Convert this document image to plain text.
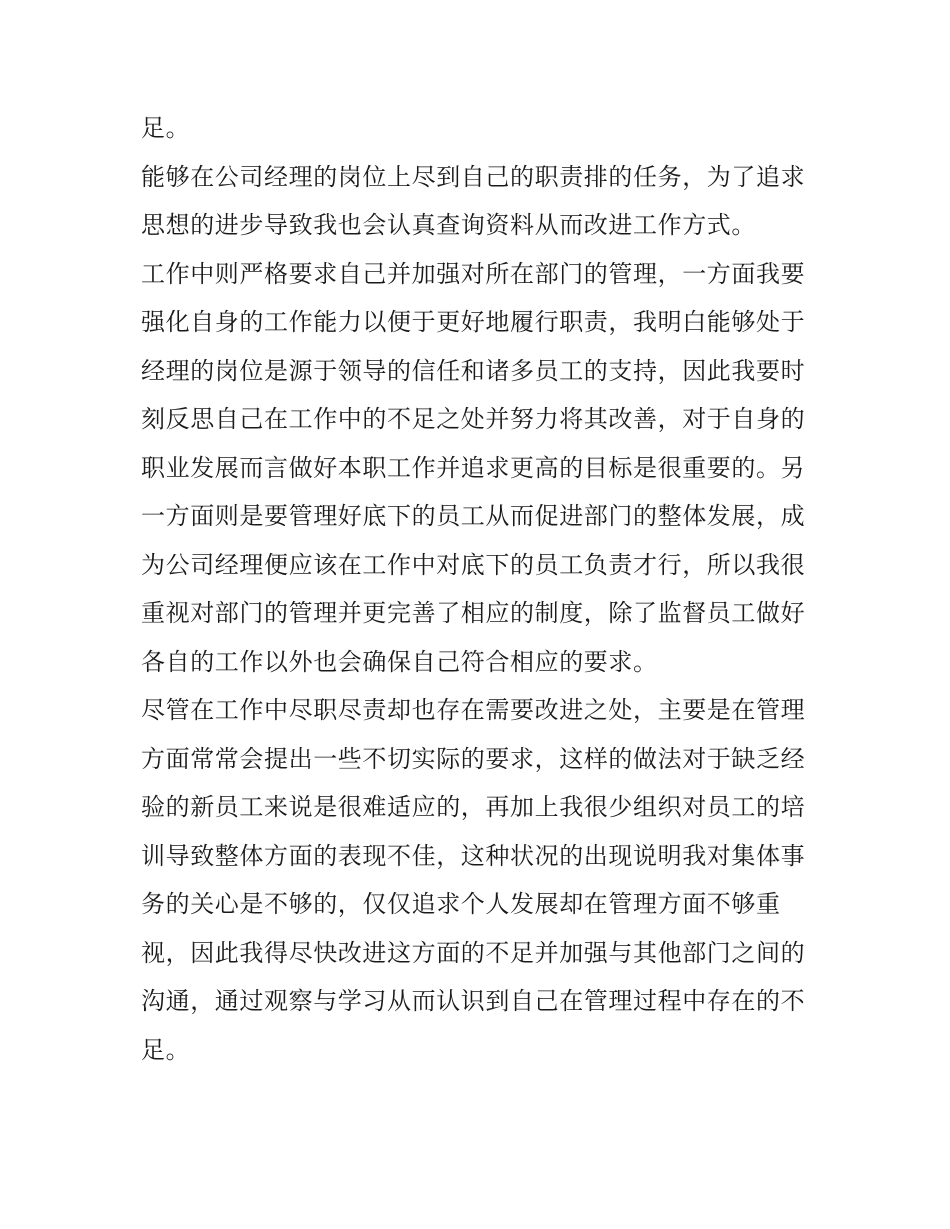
足。
能够在公司经理的岗位上尽到自己的职责排的任务，为了追求
思想的进步导致我也会认真查询资料从而改进工作方式。
工作中则严格要求自己并加强对所在部门的管理，一方面我要
强化自身的工作能力以便于更好地履行职责，我明白能够处于
经理的岗位是源于领导的信任和诸多员工的支持，因此我要时
刻反思自己在工作中的不足之处并努力将其改善，对于自身的
职业发展而言做好本职工作并追求更高的目标是很重要的。另
一方面则是要管理好底下的员工从而促进部门的整体发展，成
为公司经理便应该在工作中对底下的员工负责才行，所以我很
重视对部门的管理并更完善了相应的制度，除了监督员工做好
各自的工作以外也会确保自己符合相应的要求。
尽管在工作中尽职尽责却也存在需要改进之处，主要是在管理
方面常常会提出一些不切实际的要求，这样的做法对于缺乏经
验的新员工来说是很难适应的，再加上我很少组织对员工的培
训导致整体方面的表现不佳，这种状况的出现说明我对集体事
务的关心是不够的，仅仅追求个人发展却在管理方面不够重
视，因此我得尽快改进这方面的不足并加强与其他部门之间的
沟通，通过观察与学习从而认识到自己在管理过程中存在的不
足。
